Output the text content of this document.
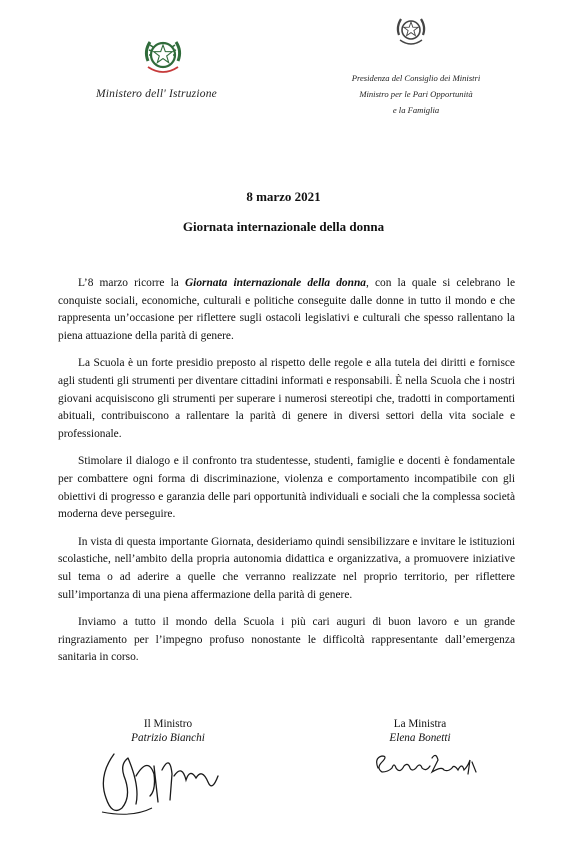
Ministero dell' Istruzione
Presidenza del Consiglio dei Ministri
Ministro per le Pari Opportunità
e la Famiglia
8 marzo 2021
Giornata internazionale della donna

L’8 marzo ricorre la Giornata internazionale della donna, con la quale si celebrano le conquiste sociali, economiche, culturali e politiche conseguite dalle donne in tutto il mondo e che rappresenta un’occasione per riflettere sugli ostacoli legislativi e culturali che spesso rallentano la piena attuazione della parità di genere.

La Scuola è un forte presidio preposto al rispetto delle regole e alla tutela dei diritti e fornisce agli studenti gli strumenti per diventare cittadini informati e responsabili. È nella Scuola che i nostri giovani acquisiscono gli strumenti per superare i numerosi stereotipi che, tradotti in comportamenti abituali, contribuiscono a rallentare la parità di genere in diversi settori della vita sociale e professionale.

Stimolare il dialogo e il confronto tra studentesse, studenti, famiglie e docenti è fondamentale per combattere ogni forma di discriminazione, violenza e comportamento incompatibile con gli obiettivi di progresso e garanzia delle pari opportunità individuali e sociali che la complessa società moderna deve perseguire.

In vista di questa importante Giornata, desideriamo quindi sensibilizzare e invitare le istituzioni scolastiche, nell’ambito della propria autonomia didattica e organizzativa, a promuovere iniziative sul tema o ad aderire a quelle che verranno realizzate nel proprio territorio, per riflettere sull’importanza di una piena affermazione della parità di genere.

Inviamo a tutto il mondo della Scuola i più cari auguri di buon lavoro e un grande ringraziamento per l’impegno profuso nonostante le difficoltà rappresentante dall’emergenza sanitaria in corso.

Il Ministro
Patrizio Bianchi
La Ministra
Elena Bonetti
